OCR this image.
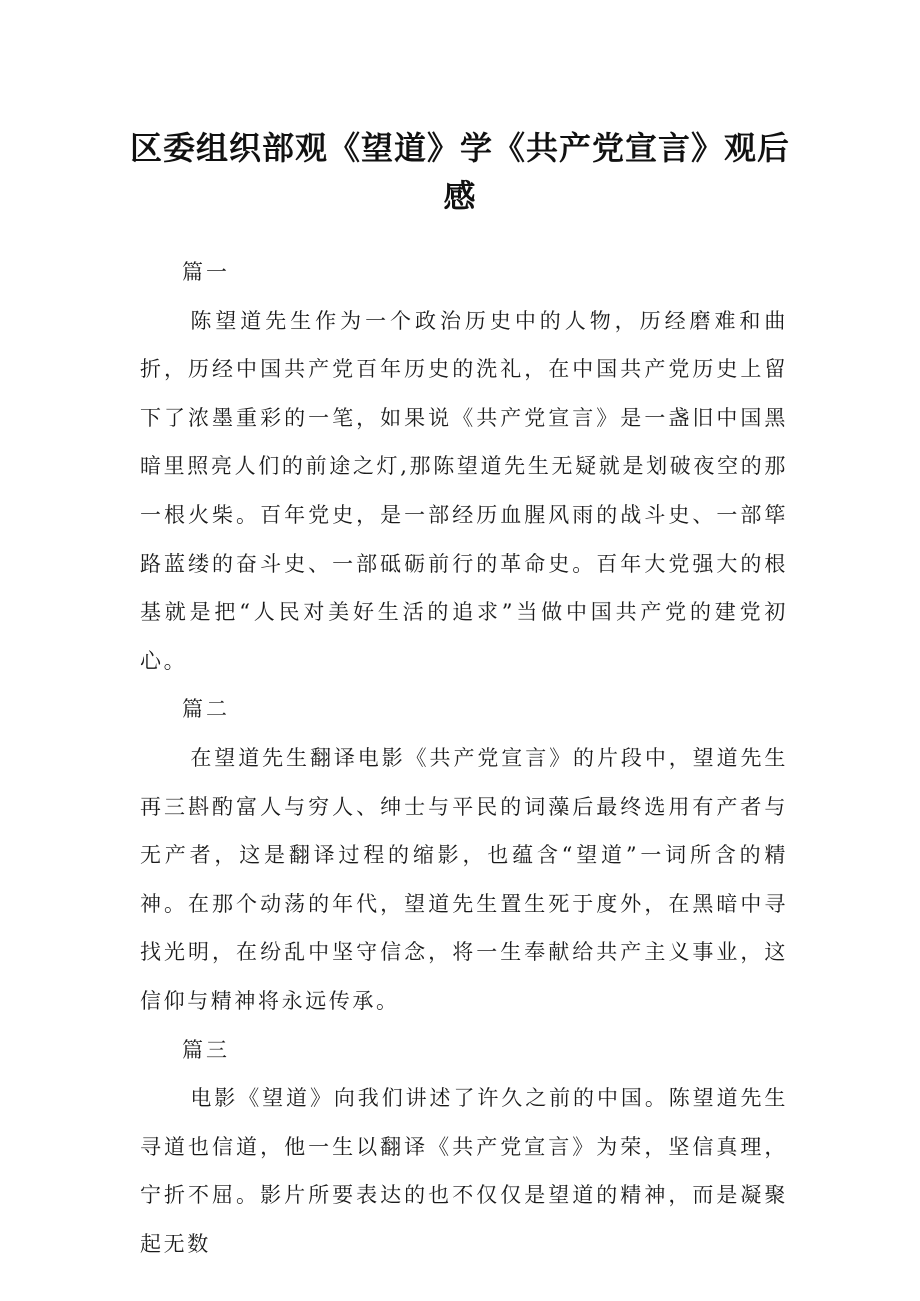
区委组织部观《望道》学《共产党宣言》观后感

篇一

陈望道先生作为一个政治历史中的人物，历经磨难和曲折，历经中国共产党百年历史的洗礼，在中国共产党历史上留下了浓墨重彩的一笔，如果说《共产党宣言》是一盏旧中国黑暗里照亮人们的前途之灯,那陈望道先生无疑就是划破夜空的那一根火柴。百年党史，是一部经历血腥风雨的战斗史、一部筚路蓝缕的奋斗史、一部砥砺前行的革命史。百年大党强大的根基就是把“人民对美好生活的追求”当做中国共产党的建党初心。

篇二

在望道先生翻译电影《共产党宣言》的片段中，望道先生再三斟酌富人与穷人、绅士与平民的词藻后最终选用有产者与无产者，这是翻译过程的缩影，也蕴含“望道”一词所含的精神。在那个动荡的年代，望道先生置生死于度外，在黑暗中寻找光明，在纷乱中坚守信念，将一生奉献给共产主义事业，这信仰与精神将永远传承。

篇三

电影《望道》向我们讲述了许久之前的中国。陈望道先生寻道也信道，他一生以翻译《共产党宣言》为荣，坚信真理，宁折不屈。影片所要表达的也不仅仅是望道的精神，而是凝聚起无数
